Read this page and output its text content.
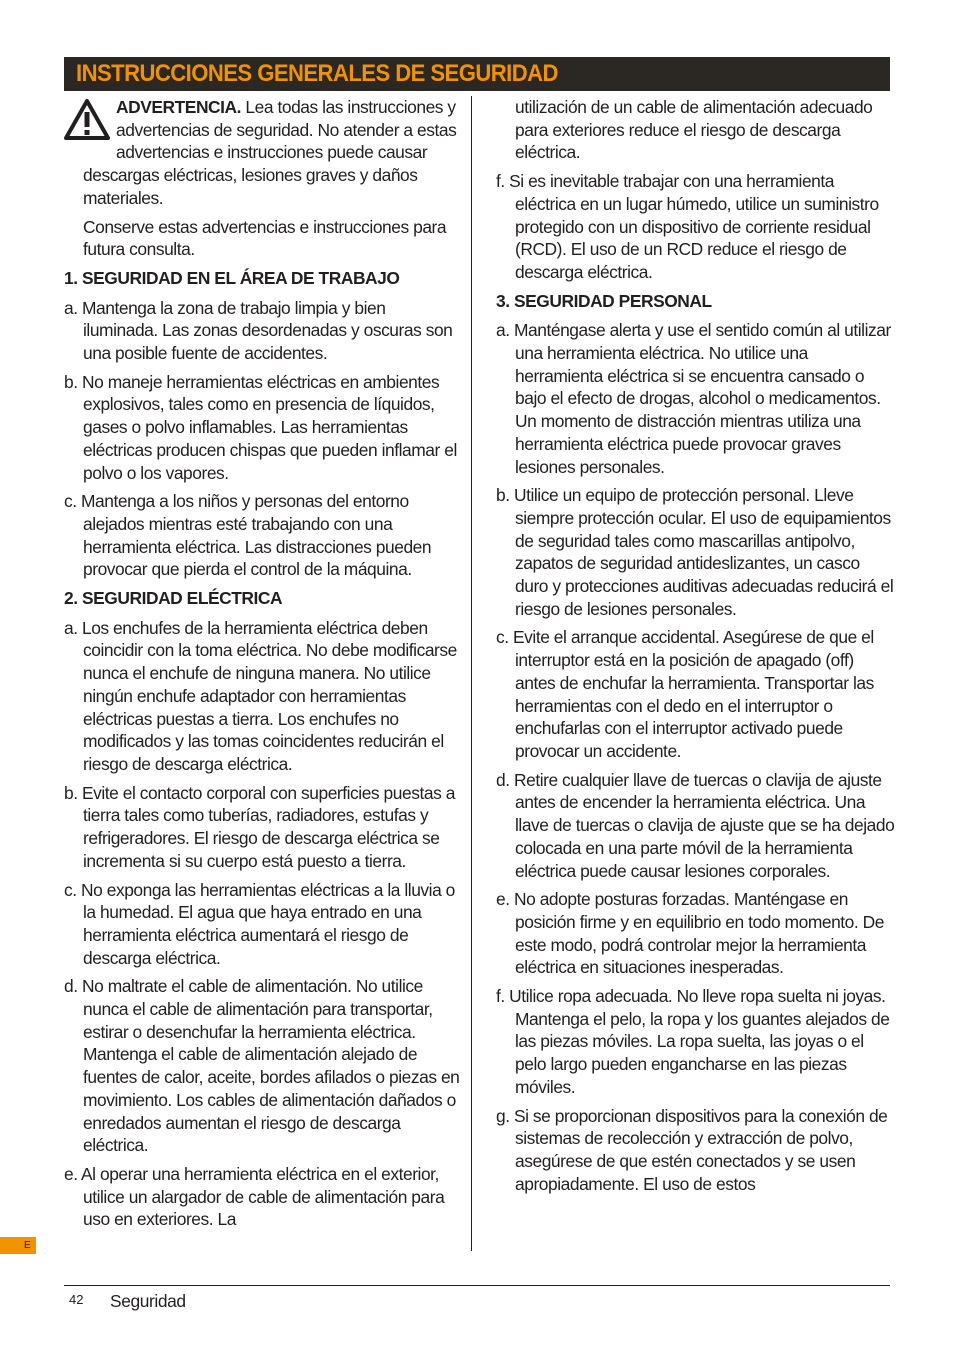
INSTRUCCIONES GENERALES DE SEGURIDAD
ADVERTENCIA. Lea todas las instrucciones y advertencias de seguridad. No atender a estas advertencias e instrucciones puede causar descargas eléctricas, lesiones graves y daños materiales.

Conserve estas advertencias e instrucciones para futura consulta.

1. SEGURIDAD EN EL ÁREA DE TRABAJO

a. Mantenga la zona de trabajo limpia y bien iluminada. Las zonas desordenadas y oscuras son una posible fuente de accidentes.

b. No maneje herramientas eléctricas en ambientes explosivos, tales como en presencia de líquidos, gases o polvo inflamables. Las herramientas eléctricas producen chispas que pueden inflamar el polvo o los vapores.

c. Mantenga a los niños y personas del entorno alejados mientras esté trabajando con una herramienta eléctrica. Las distracciones pueden provocar que pierda el control de la máquina.

2. SEGURIDAD ELÉCTRICA

a. Los enchufes de la herramienta eléctrica deben coincidir con la toma eléctrica. No debe modificarse nunca el enchufe de ninguna manera. No utilice ningún enchufe adaptador con herramientas eléctricas puestas a tierra. Los enchufes no modificados y las tomas coincidentes reducirán el riesgo de descarga eléctrica.

b. Evite el contacto corporal con superficies puestas a tierra tales como tuberías, radiadores, estufas y refrigeradores. El riesgo de descarga eléctrica se incrementa si su cuerpo está puesto a tierra.

c. No exponga las herramientas eléctricas a la lluvia o la humedad. El agua que haya entrado en una herramienta eléctrica aumentará el riesgo de descarga eléctrica.

d. No maltrate el cable de alimentación. No utilice nunca el cable de alimentación para transportar, estirar o desenchufar la herramienta eléctrica. Mantenga el cable de alimentación alejado de fuentes de calor, aceite, bordes afilados o piezas en movimiento. Los cables de alimentación dañados o enredados aumentan el riesgo de descarga eléctrica.

e. Al operar una herramienta eléctrica en el exterior, utilice un alargador de cable de alimentación para uso en exteriores. La

utilización de un cable de alimentación adecuado para exteriores reduce el riesgo de descarga eléctrica.

f. Si es inevitable trabajar con una herramienta eléctrica en un lugar húmedo, utilice un suministro protegido con un dispositivo de corriente residual (RCD). El uso de un RCD reduce el riesgo de descarga eléctrica.

3. SEGURIDAD PERSONAL

a. Manténgase alerta y use el sentido común al utilizar una herramienta eléctrica. No utilice una herramienta eléctrica si se encuentra cansado o bajo el efecto de drogas, alcohol o medicamentos. Un momento de distracción mientras utiliza una herramienta eléctrica puede provocar graves lesiones personales.

b. Utilice un equipo de protección personal. Lleve siempre protección ocular. El uso de equipamientos de seguridad tales como mascarillas antipolvo, zapatos de seguridad antideslizantes, un casco duro y protecciones auditivas adecuadas reducirá el riesgo de lesiones personales.

c. Evite el arranque accidental. Asegúrese de que el interruptor está en la posición de apagado (off) antes de enchufar la herramienta. Transportar las herramientas con el dedo en el interruptor o enchufarlas con el interruptor activado puede provocar un accidente.

d. Retire cualquier llave de tuercas o clavija de ajuste antes de encender la herramienta eléctrica. Una llave de tuercas o clavija de ajuste que se ha dejado colocada en una parte móvil de la herramienta eléctrica puede causar lesiones corporales.

e. No adopte posturas forzadas. Manténgase en posición firme y en equilibrio en todo momento. De este modo, podrá controlar mejor la herramienta eléctrica en situaciones inesperadas.

f. Utilice ropa adecuada. No lleve ropa suelta ni joyas. Mantenga el pelo, la ropa y los guantes alejados de las piezas móviles. La ropa suelta, las joyas o el pelo largo pueden engancharse en las piezas móviles.

g. Si se proporcionan dispositivos para la conexión de sistemas de recolección y extracción de polvo, asegúrese de que estén conectados y se usen apropiadamente. El uso de estos

E
42 Seguridad
